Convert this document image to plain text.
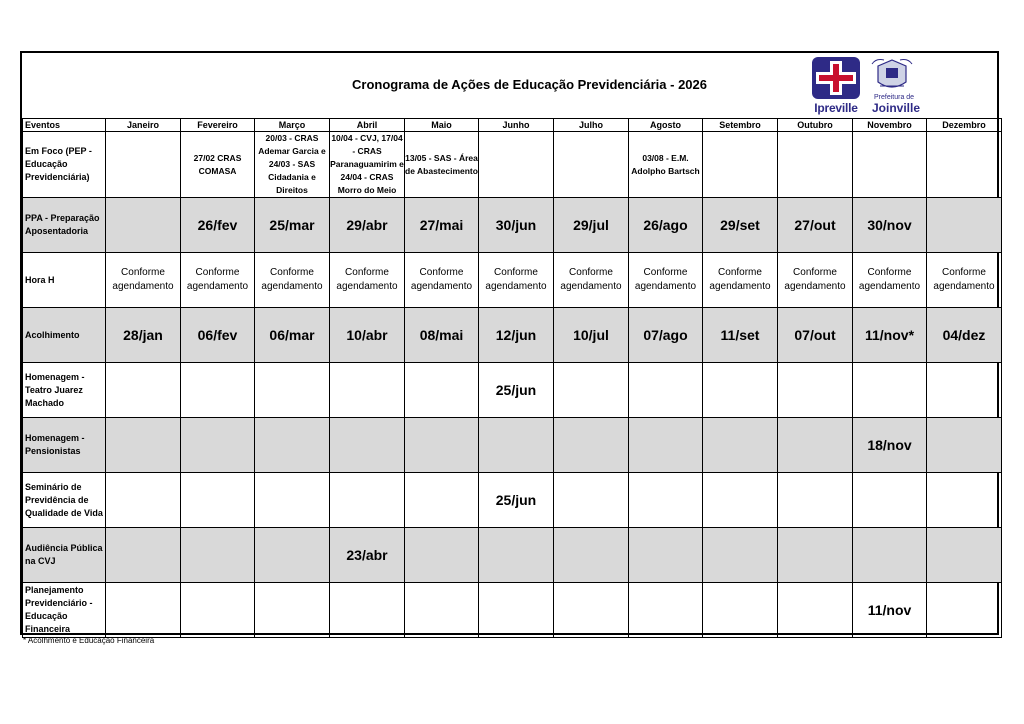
Cronograma de Ações de Educação Previdenciária - 2026
Ipreville
Prefeitura de
Joinville
Eventos	Janeiro	Fevereiro	Março	Abril	Maio	Junho	Julho	Agosto	Setembro	Outubro	Novembro	Dezembro
Em Foco (PEP - Educação Previdenciária)		27/02 CRAS COMASA	20/03 - CRAS Ademar Garcia e 24/03 - SAS Cidadania e Direitos	10/04 - CVJ, 17/04 - CRAS Paranaguamirim e 24/04 - CRAS Morro do Meio	13/05 - SAS - Área de Abastecimento			03/08 - E.M. Adolpho Bartsch				

PPA - Preparação Aposentadoria		26/fev	25/mar	29/abr	27/mai	30/jun	29/jul	26/ago	29/set	27/out	30/nov	

Hora H	Conforme agendamento	Conforme agendamento	Conforme agendamento	Conforme agendamento	Conforme agendamento	Conforme agendamento	Conforme agendamento	Conforme agendamento	Conforme agendamento	Conforme agendamento	Conforme agendamento	Conforme agendamento

Acolhimento	28/jan	06/fev	06/mar	10/abr	08/mai	12/jun	10/jul	07/ago	11/set	07/out	11/nov*	04/dez

Homenagem - Teatro Juarez Machado						25/jun						

Homenagem - Pensionistas											18/nov	

Seminário de Previdência de Qualidade de Vida						25/jun						

Audiência Pública na CVJ				23/abr								

Planejamento Previdenciário - Educação Financeira											11/nov	

* Acolhmento e Educação Financeira
